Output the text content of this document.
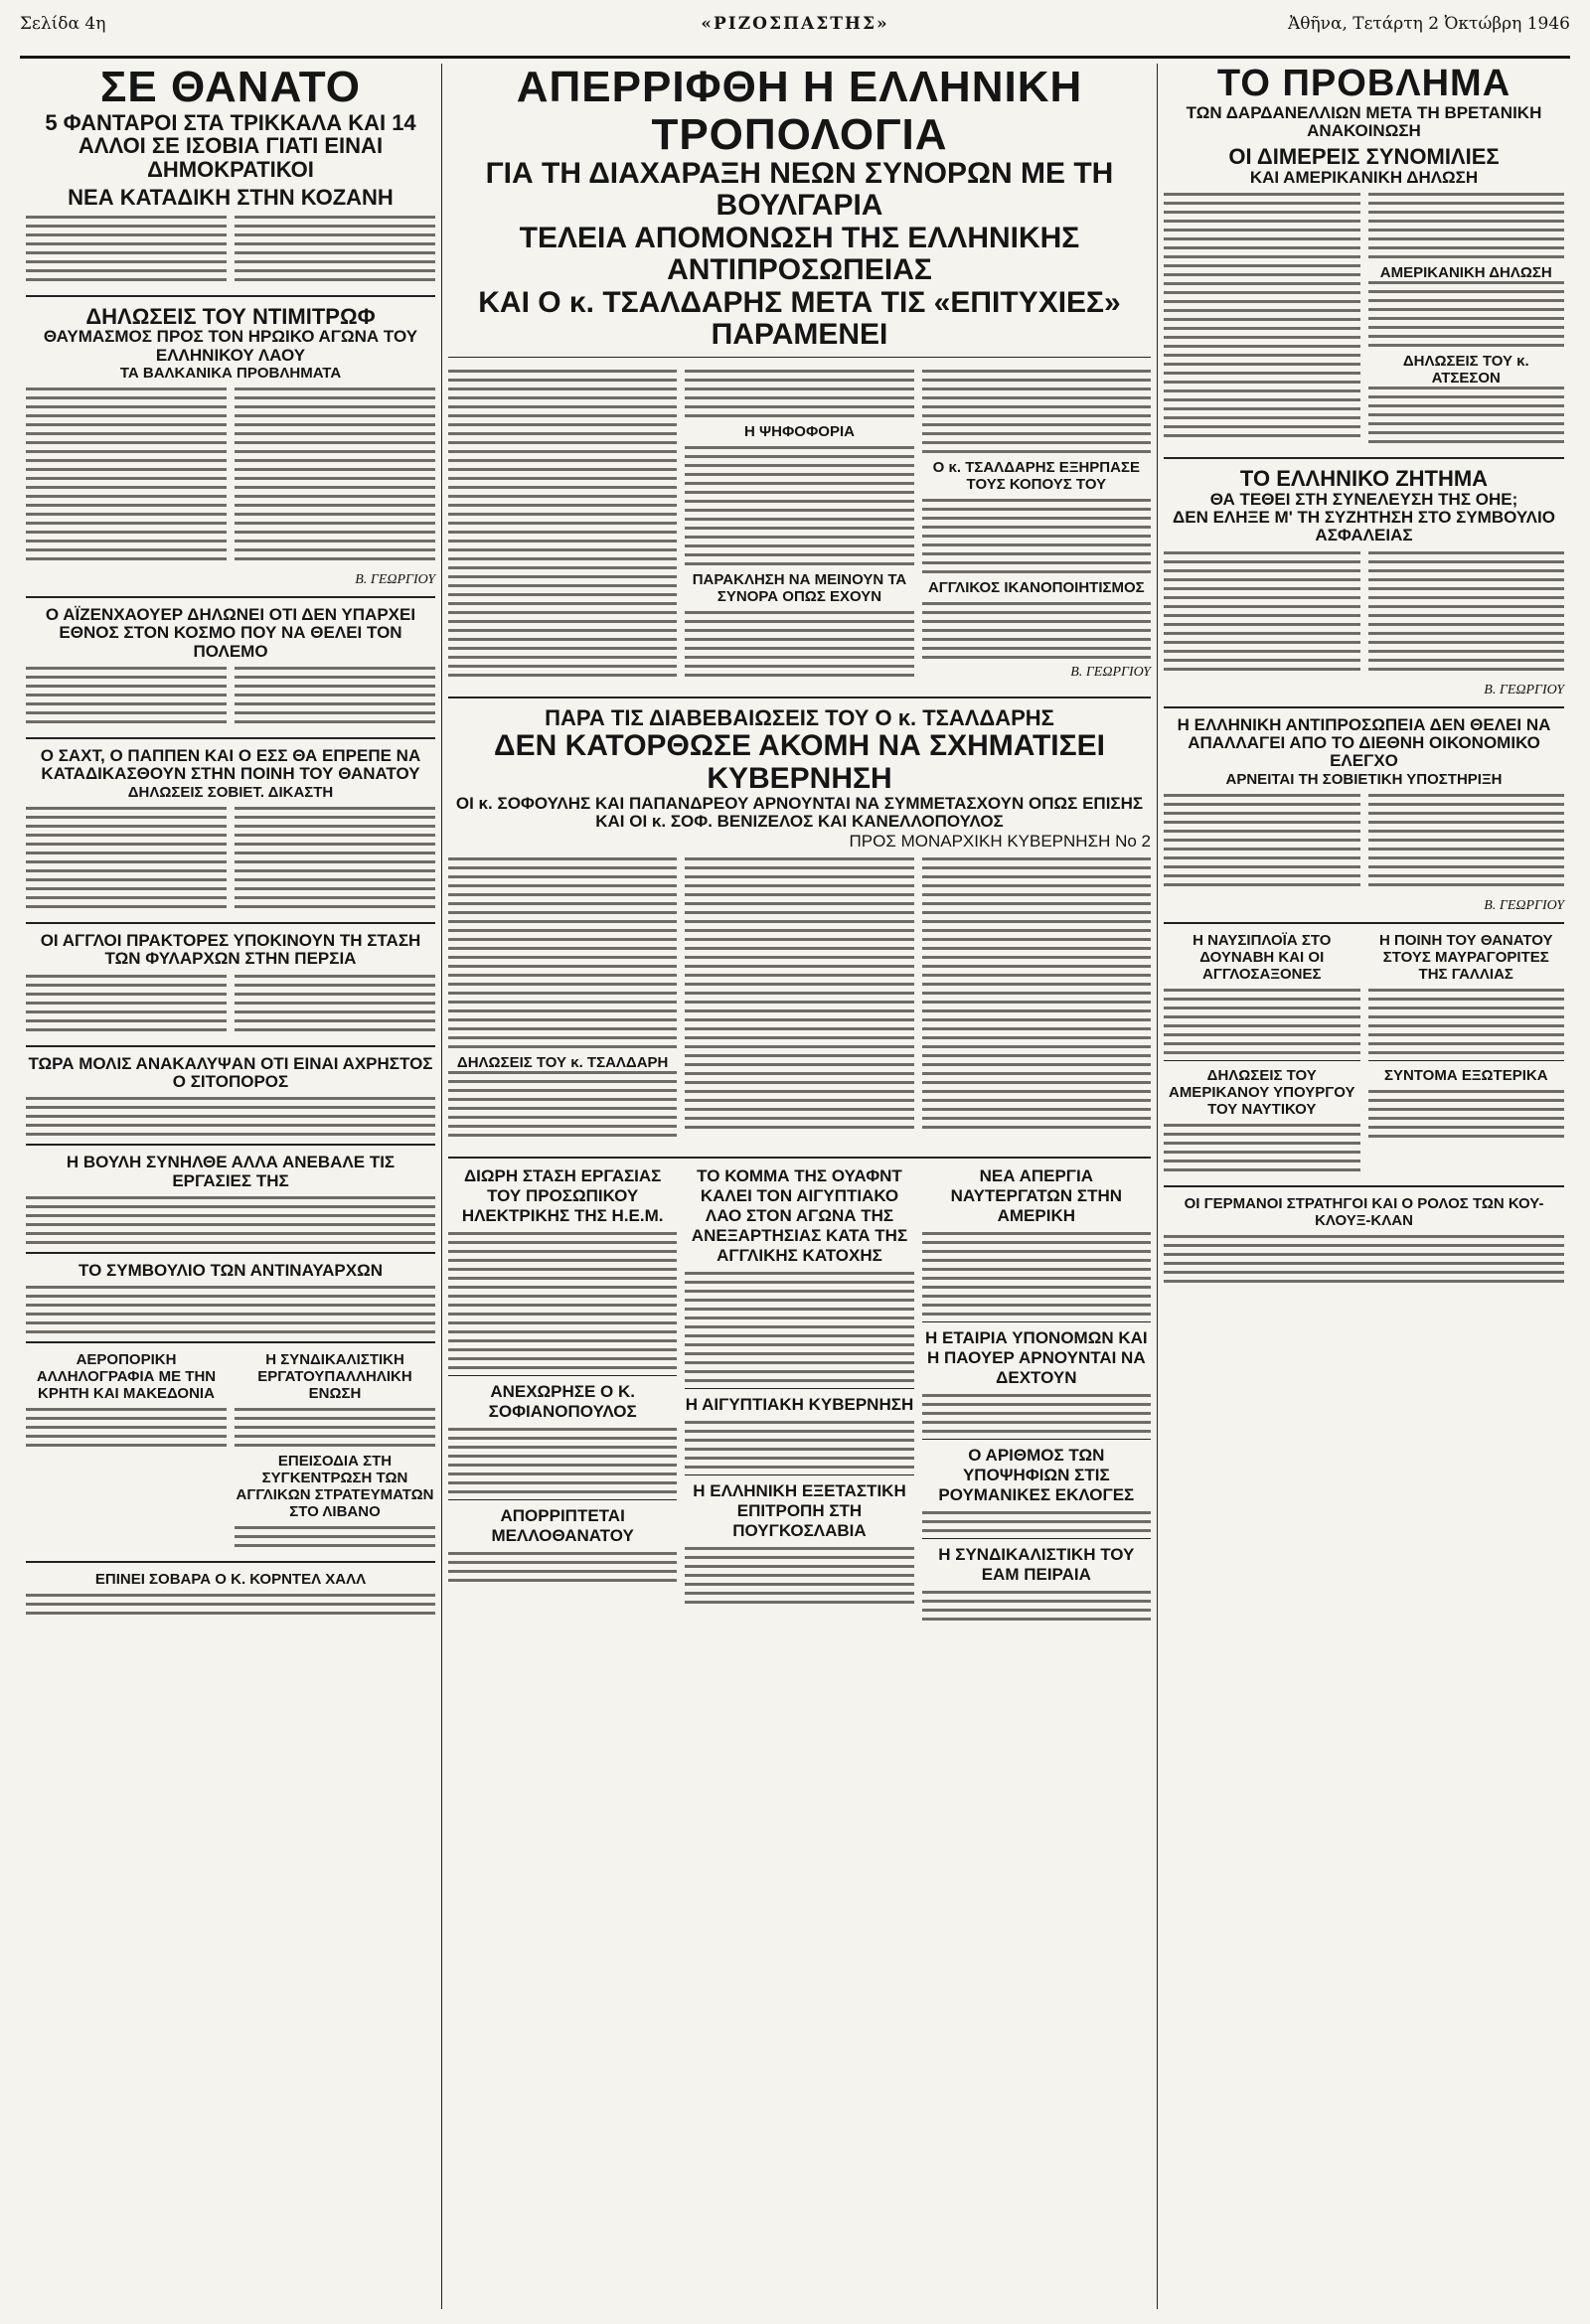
Σελίδα 4η	«ΡΙΖΟΣΠΑΣΤΗΣ»	Ἀθῆνα, Τετάρτη 2 Ὀκτώβρη 1946
ΣΕ ΘΑΝΑΤΟ
5 ΦΑΝΤΑΡΟΙ ΣΤΑ ΤΡΙΚΚΑΛΑ ΚΑΙ 14 ΑΛΛΟΙ ΣΕ ΙΣΟΒΙΑ ΓΙΑΤΙ ΕΙΝΑΙ ΔΗΜΟΚΡΑΤΙΚΟΙ
ΝΕΑ ΚΑΤΑΔΙΚΗ ΣΤΗΝ ΚΟΖΑΝΗ
ΔΗΛΩΣΕΙΣ ΤΟΥ ΝΤΙΜΙΤΡΩΦ
ΘΑΥΜΑΣΜΟΣ ΠΡΟΣ ΤΟΝ ΗΡΩΙΚΟ ΑΓΩΝΑ ΤΟΥ ΕΛΛΗΝΙΚΟΥ ΛΑΟΥ
ΤΑ ΒΑΛΚΑΝΙΚΑ ΠΡΟΒΛΗΜΑΤΑ
Β. ΓΕΩΡΓΙΟΥ
Ο ΑΪΖΕΝΧΑΟΥΕΡ ΔΗΛΩΝΕΙ ΟΤΙ ΔΕΝ ΥΠΑΡΧΕΙ ΕΘΝΟΣ ΣΤΟΝ ΚΟΣΜΟ ΠΟΥ ΝΑ ΘΕΛΕΙ ΤΟΝ ΠΟΛΕΜΟ
Ο ΣΑΧΤ, Ο ΠΑΠΠΕΝ ΚΑΙ Ο ΕΣΣ ΘΑ ΕΠΡΕΠΕ ΝΑ ΚΑΤΑΔΙΚΑΣΘΟΥΝ ΣΤΗΝ ΠΟΙΝΗ ΤΟΥ ΘΑΝΑΤΟΥ
ΔΗΛΩΣΕΙΣ ΣΟΒΙΕΤ. ΔΙΚΑΣΤΗ
ΟΙ ΑΓΓΛΟΙ ΠΡΑΚΤΟΡΕΣ ΥΠΟΚΙΝΟΥΝ ΤΗ ΣΤΑΣΗ ΤΩΝ ΦΥΛΑΡΧΩΝ ΣΤΗΝ ΠΕΡΣΙΑ
ΤΩΡΑ ΜΟΛΙΣ ΑΝΑΚΑΛΥΨΑΝ ΟΤΙ ΕΙΝΑΙ ΑΧΡΗΣΤΟΣ Ο ΣΙΤΟΠΟΡΟΣ
Η ΒΟΥΛΗ ΣΥΝΗΛΘΕ ΑΛΛΑ ΑΝΕΒΑΛΕ ΤΙΣ ΕΡΓΑΣΙΕΣ ΤΗΣ
ΤΟ ΣΥΜΒΟΥΛΙΟ ΤΩΝ ΑΝΤΙΝΑΥΑΡΧΩΝ
ΑΕΡΟΠΟΡΙΚΗ ΑΛΛΗΛΟΓΡΑΦΙΑ ΜΕ ΤΗΝ ΚΡΗΤΗ ΚΑΙ ΜΑΚΕΔΟΝΙΑ
Η ΣΥΝΔΙΚΑΛΙΣΤΙΚΗ ΕΡΓΑΤΟΥΠΑΛΛΗΛΙΚΗ ΕΝΩΣΗ
ΕΠΕΙΣΟΔΙΑ ΣΤΗ ΣΥΓΚΕΝΤΡΩΣΗ ΤΩΝ ΑΓΓΛΙΚΩΝ ΣΤΡΑΤΕΥΜΑΤΩΝ ΣΤΟ ΛΙΒΑΝΟ
ΕΠΙΝΕΙ ΣΟΒΑΡΑ Ο Κ. ΚΟΡΝΤΕΛ ΧΑΛΛ
ΑΠΕΡΡΙΦΘΗ Η ΕΛΛΗΝΙΚΗ ΤΡΟΠΟΛΟΓΙΑ
ΓΙΑ ΤΗ ΔΙΑΧΑΡΑΞΗ ΝΕΩΝ ΣΥΝΟΡΩΝ ΜΕ ΤΗ ΒΟΥΛΓΑΡΙΑ
ΤΕΛΕΙΑ ΑΠΟΜΟΝΩΣΗ ΤΗΣ ΕΛΛΗΝΙΚΗΣ ΑΝΤΙΠΡΟΣΩΠΕΙΑΣ
ΚΑΙ Ο κ. ΤΣΑΛΔΑΡΗΣ ΜΕΤΑ ΤΙΣ «ΕΠΙΤΥΧΙΕΣ» ΠΑΡΑΜΕΝΕΙ
Η ΨΗΦΟΦΟΡΙΑ
ΠΑΡΑΚΛΗΣΗ ΝΑ ΜΕΙΝΟΥΝ ΤΑ ΣΥΝΟΡΑ ΟΠΩΣ ΕΧΟΥΝ
Ο κ. ΤΣΑΛΔΑΡΗΣ ΕΞΗΡΠΑΣΕ ΤΟΥΣ ΚΟΠΟΥΣ ΤΟΥ
ΑΓΓΛΙΚΟΣ ΙΚΑΝΟΠΟΙΗΤΙΣΜΟΣ
Β. ΓΕΩΡΓΙΟΥ
ΠΑΡΑ ΤΙΣ ΔΙΑΒΕΒΑΙΩΣΕΙΣ ΤΟΥ Ο κ. ΤΣΑΛΔΑΡΗΣ
ΔΕΝ ΚΑΤΟΡΘΩΣΕ ΑΚΟΜΗ ΝΑ ΣΧΗΜΑΤΙΣΕΙ ΚΥΒΕΡΝΗΣΗ
ΟΙ κ. ΣΟΦΟΥΛΗΣ ΚΑΙ ΠΑΠΑΝΔΡΕΟΥ ΑΡΝΟΥΝΤΑΙ ΝΑ ΣΥΜΜΕΤΑΣΧΟΥΝ ΟΠΩΣ ΕΠΙΣΗΣ ΚΑΙ ΟΙ κ. ΣΟΦ. ΒΕΝΙΖΕΛΟΣ ΚΑΙ ΚΑΝΕΛΛΟΠΟΥΛΟΣ
ΠΡΟΣ ΜΟΝΑΡΧΙΚΗ ΚΥΒΕΡΝΗΣΗ Νο 2
ΔΗΛΩΣΕΙΣ ΤΟΥ κ. ΤΣΑΛΔΑΡΗ
ΔΙΩΡΗ ΣΤΑΣΗ ΕΡΓΑΣΙΑΣ ΤΟΥ ΠΡΟΣΩΠΙΚΟΥ ΗΛΕΚΤΡΙΚΗΣ ΤΗΣ Η.Ε.Μ.
ΑΝΕΧΩΡΗΣΕ Ο Κ. ΣΟΦΙΑΝΟΠΟΥΛΟΣ
ΑΠΟΡΡΙΠΤΕΤΑΙ ΜΕΛΛΟΘΑΝΑΤΟΥ
ΤΟ ΚΟΜΜΑ ΤΗΣ ΟΥΑΦΝΤ ΚΑΛΕΙ ΤΟΝ ΑΙΓΥΠΤΙΑΚΟ ΛΑΟ ΣΤΟΝ ΑΓΩΝΑ ΤΗΣ ΑΝΕΞΑΡΤΗΣΙΑΣ ΚΑΤΑ ΤΗΣ ΑΓΓΛΙΚΗΣ ΚΑΤΟΧΗΣ
Η ΑΙΓΥΠΤΙΑΚΗ ΚΥΒΕΡΝΗΣΗ
Η ΕΛΛΗΝΙΚΗ ΕΞΕΤΑΣΤΙΚΗ ΕΠΙΤΡΟΠΗ ΣΤΗ ΠΟΥΓΚΟΣΛΑΒΙΑ
ΝΕΑ ΑΠΕΡΓΙΑ ΝΑΥΤΕΡΓΑΤΩΝ ΣΤΗΝ ΑΜΕΡΙΚΗ
Η ΕΤΑΙΡΙΑ ΥΠΟΝΟΜΩΝ ΚΑΙ Η ΠΑΟΥΕΡ ΑΡΝΟΥΝΤΑΙ ΝΑ ΔΕΧΤΟΥΝ
Ο ΑΡΙΘΜΟΣ ΤΩΝ ΥΠΟΨΗΦΙΩΝ ΣΤΙΣ ΡΟΥΜΑΝΙΚΕΣ ΕΚΛΟΓΕΣ
Η ΣΥΝΔΙΚΑΛΙΣΤΙΚΗ ΤΟΥ ΕΑΜ ΠΕΙΡΑΙΑ
ΤΟ ΠΡΟΒΛΗΜΑ
ΤΩΝ ΔΑΡΔΑΝΕΛΛΙΩΝ ΜΕΤΑ ΤΗ ΒΡΕΤΑΝΙΚΗ ΑΝΑΚΟΙΝΩΣΗ
ΟΙ ΔΙΜΕΡΕΙΣ ΣΥΝΟΜΙΛΙΕΣ
ΚΑΙ ΑΜΕΡΙΚΑΝΙΚΗ ΔΗΛΩΣΗ
ΑΜΕΡΙΚΑΝΙΚΗ ΔΗΛΩΣΗ
ΔΗΛΩΣΕΙΣ ΤΟΥ κ. ΑΤΣΕΣΟΝ
ΤΟ ΕΛΛΗΝΙΚΟ ΖΗΤΗΜΑ
ΘΑ ΤΕΘΕΙ ΣΤΗ ΣΥΝΕΛΕΥΣΗ ΤΗΣ ΟΗΕ;
ΔΕΝ ΕΛΗΞΕ Μ' ΤΗ ΣΥΖΗΤΗΣΗ ΣΤΟ ΣΥΜΒΟΥΛΙΟ ΑΣΦΑΛΕΙΑΣ
Β. ΓΕΩΡΓΙΟΥ
Η ΕΛΛΗΝΙΚΗ ΑΝΤΙΠΡΟΣΩΠΕΙΑ ΔΕΝ ΘΕΛΕΙ ΝΑ ΑΠΑΛΛΑΓΕΙ ΑΠΟ ΤΟ ΔΙΕΘΝΗ ΟΙΚΟΝΟΜΙΚΟ ΕΛΕΓΧΟ
ΑΡΝΕΙΤΑΙ ΤΗ ΣΟΒΙΕΤΙΚΗ ΥΠΟΣΤΗΡΙΞΗ
Β. ΓΕΩΡΓΙΟΥ
Η ΝΑΥΣΙΠΛΟΪΑ ΣΤΟ ΔΟΥΝΑΒΗ ΚΑΙ ΟΙ ΑΓΓΛΟΣΑΞΟΝΕΣ
ΔΗΛΩΣΕΙΣ ΤΟΥ ΑΜΕΡΙΚΑΝΟΥ ΥΠΟΥΡΓΟΥ ΤΟΥ ΝΑΥΤΙΚΟΥ
Η ΠΟΙΝΗ ΤΟΥ ΘΑΝΑΤΟΥ ΣΤΟΥΣ ΜΑΥΡΑΓΟΡΙΤΕΣ ΤΗΣ ΓΑΛΛΙΑΣ
ΣΥΝΤΟΜΑ ΕΞΩΤΕΡΙΚΑ
ΟΙ ΓΕΡΜΑΝΟΙ ΣΤΡΑΤΗΓΟΙ ΚΑΙ Ο ΡΟΛΟΣ ΤΩΝ ΚΟΥ-ΚΛΟΥΞ-ΚΛΑΝ
